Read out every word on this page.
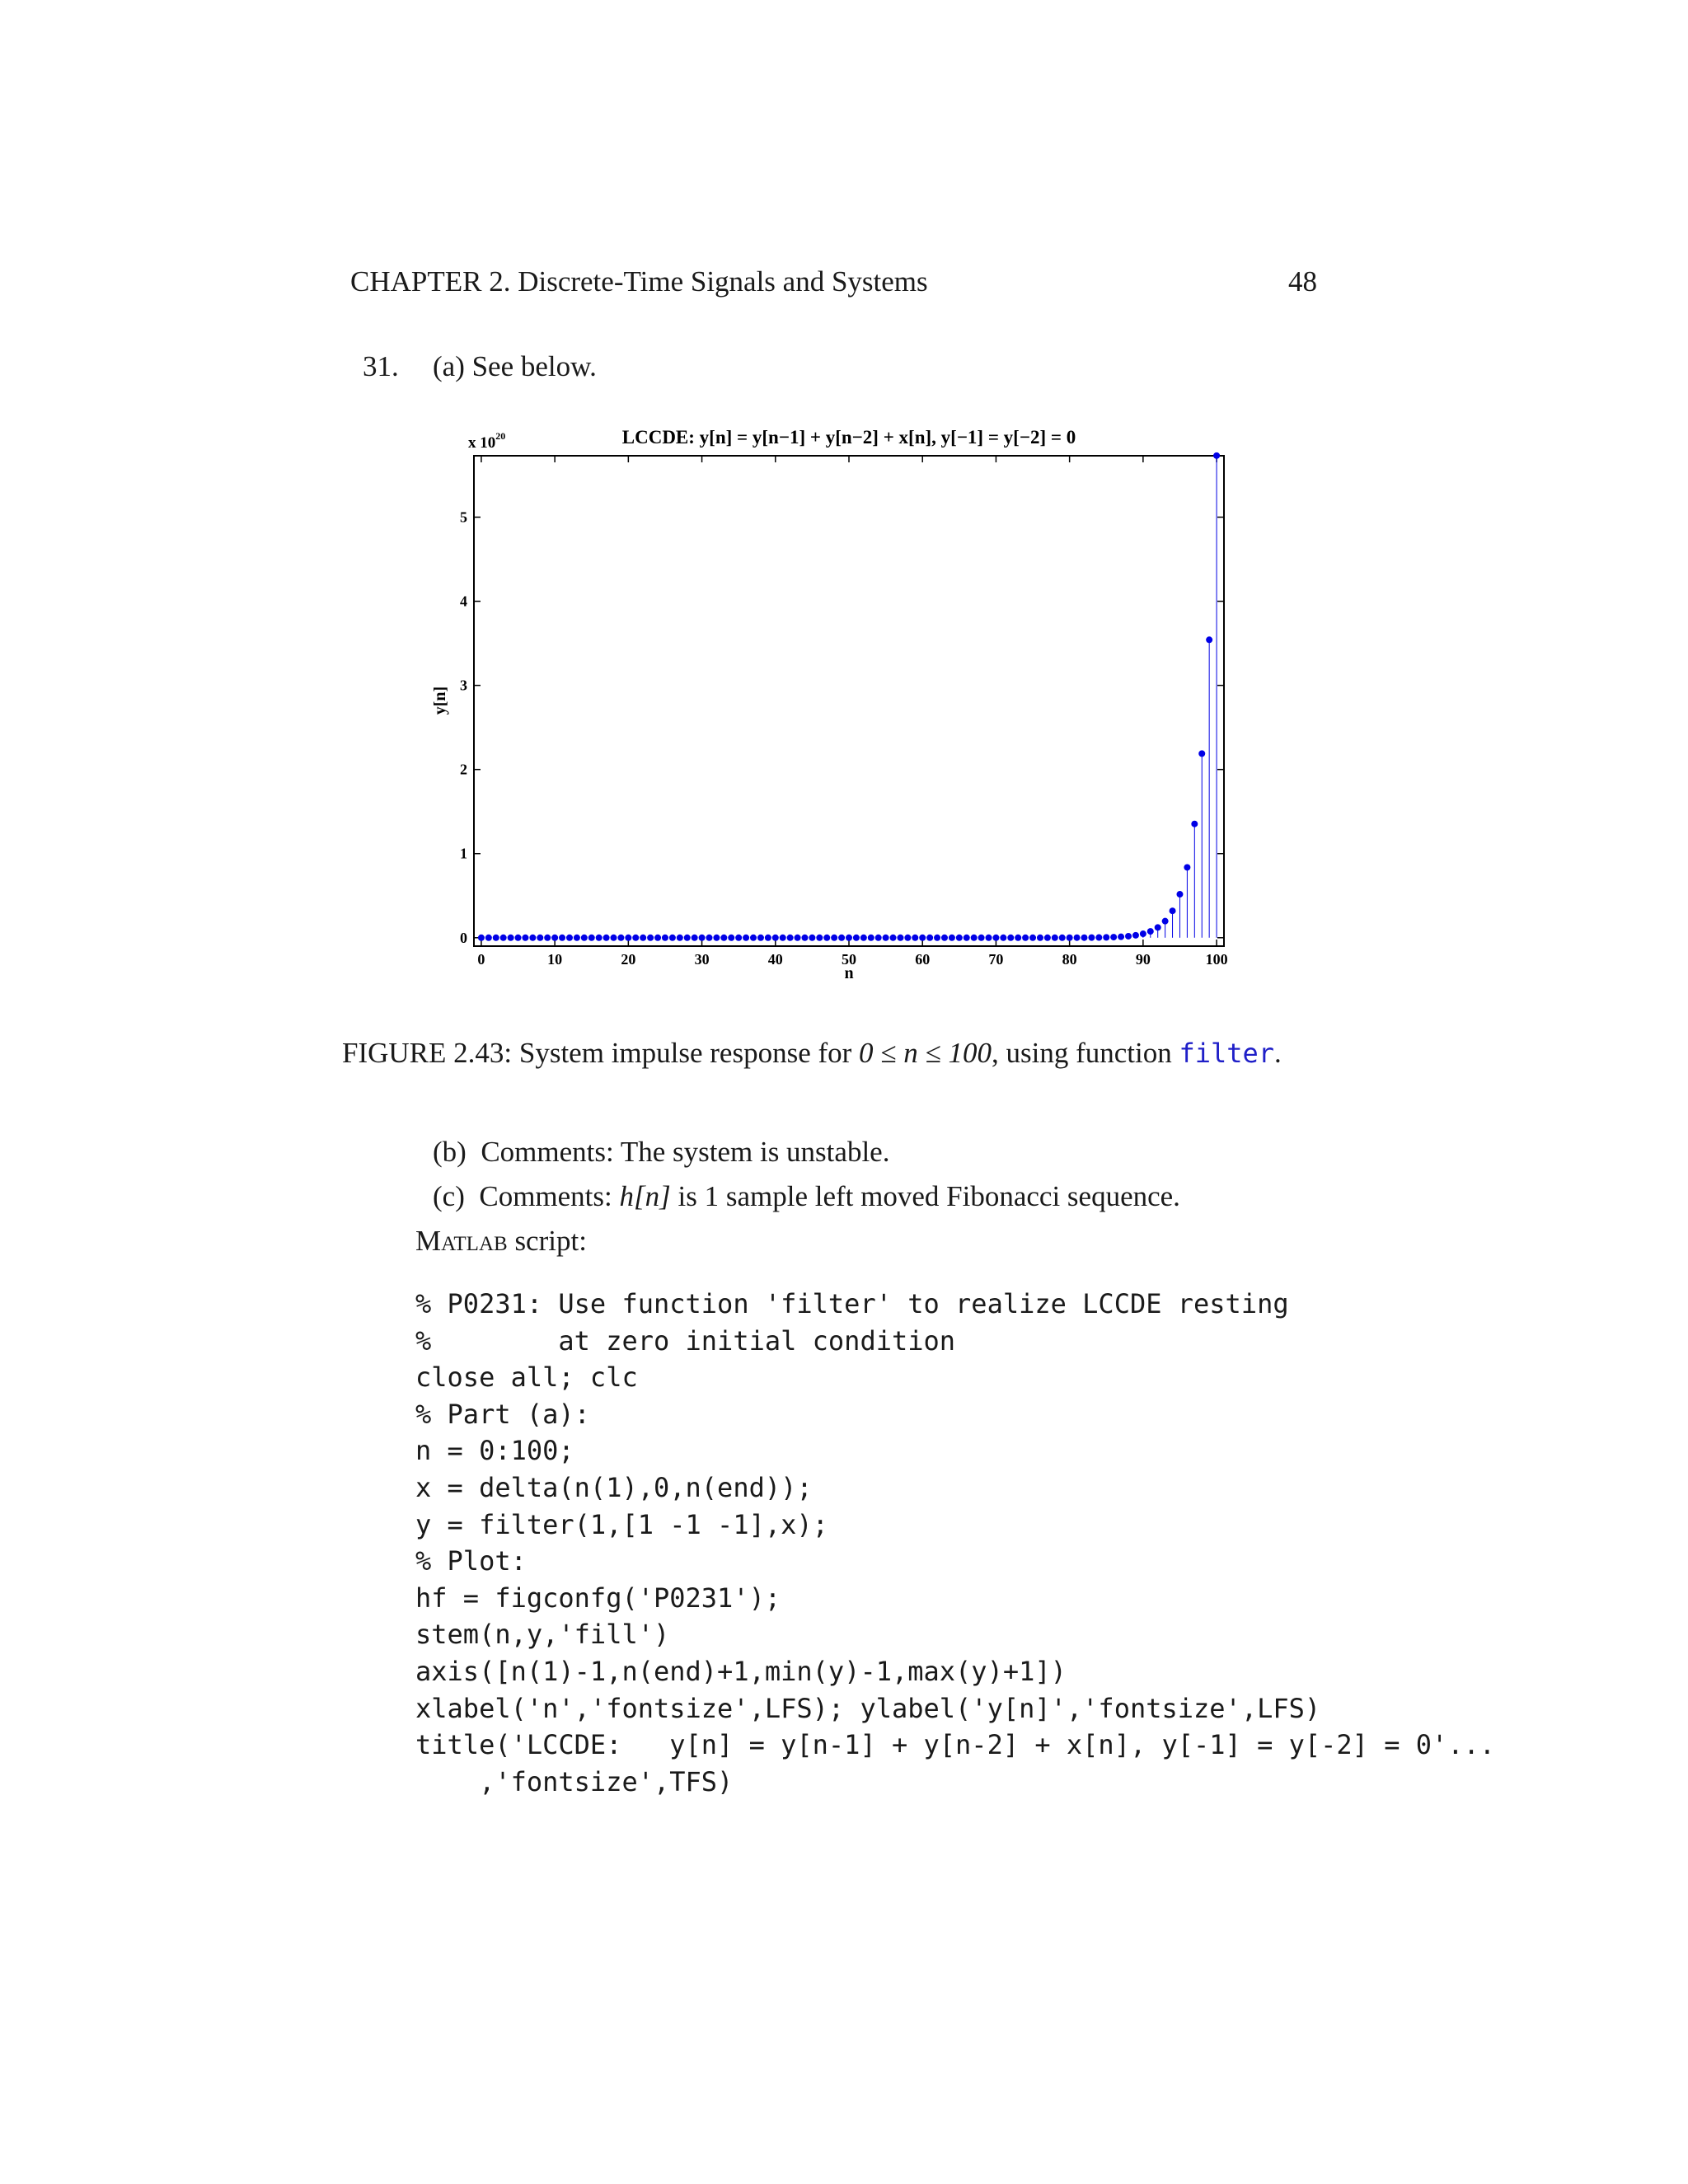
CHAPTER 2. Discrete-Time Signals and Systems	48
31. (a) See below.
LCCDE: y[n] = y[n−1] + y[n−2] + x[n], y[−1] = y[−2] = 0
x $10^{20}$
0	10	20	30	40	50	60	70	80	90	100
0
1
2
3
4
5
n
y[n]
FIGURE 2.43: System impulse response for 0 ≤ n ≤ 100, using function filter.
(b) Comments: The system is unstable.
(c) Comments: h[n] is 1 sample left moved Fibonacci sequence.
Matlab script:
% P0231: Use function 'filter' to realize LCCDE resting
%        at zero initial condition
close all; clc
% Part (a):
n = 0:100;
x = delta(n(1),0,n(end));
y = filter(1,[1 -1 -1],x);
% Plot:
hf = figconfg('P0231');
stem(n,y,'fill')
axis([n(1)-1,n(end)+1,min(y)-1,max(y)+1])
xlabel('n','fontsize',LFS); ylabel('y[n]','fontsize',LFS)
title('LCCDE:   y[n] = y[n-1] + y[n-2] + x[n], y[-1] = y[-2] = 0'...
,'fontsize',TFS)
